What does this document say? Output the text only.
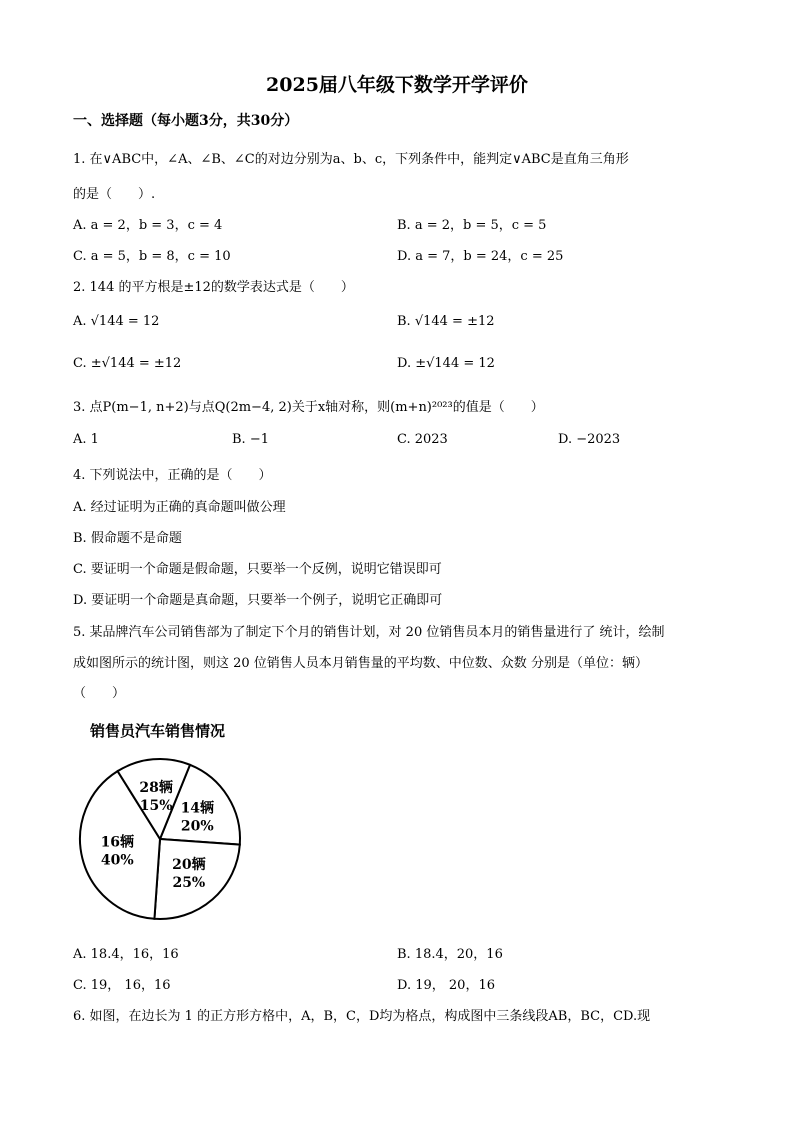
2025届八年级下数学开学评价
一、选择题（每小题3分，共30分）
1. 在∨ABC中，∠A、∠B、∠C的对边分别为a、b、c，下列条件中，能判定∨ABC是直角三角形
的是（　　）.
A. a = 2，b = 3，c = 4	B. a = 2，b = 5，c = 5
C. a = 5，b = 8，c = 10	D. a = 7，b = 24，c = 25
2. 144 的平方根是±12的数学表达式是（　　）
A. √144 = 12	B. √144 = ±12
C. ±√144 = ±12	D. ±√144 = 12
3. 点P(m−1, n+2)与点Q(2m−4, 2)关于x轴对称，则(m+n)²⁰²³的值是（　　）
A. 1	B. −1	C. 2023	D. −2023
4. 下列说法中，正确的是（　　）
A. 经过证明为正确的真命题叫做公理
B. 假命题不是命题
C. 要证明一个命题是假命题，只要举一个反例，说明它错误即可
D. 要证明一个命题是真命题，只要举一个例子，说明它正确即可
5. 某品牌汽车公司销售部为了制定下个月的销售计划，对 20 位销售员本月的销售量进行了 统计，绘制
成如图所示的统计图，则这 20 位销售人员本月销售量的平均数、中位数、众数 分别是（单位：辆）
（　　）
销售员汽车销售情况
14辆
20%
20辆
25%
16辆
40%
28辆
15%
A. 18.4，16，16	B. 18.4，20，16
C. 19， 16，16	D. 19， 20，16
6. 如图，在边长为 1 的正方形方格中，A，B，C，D均为格点，构成图中三条线段AB，BC，CD.现
